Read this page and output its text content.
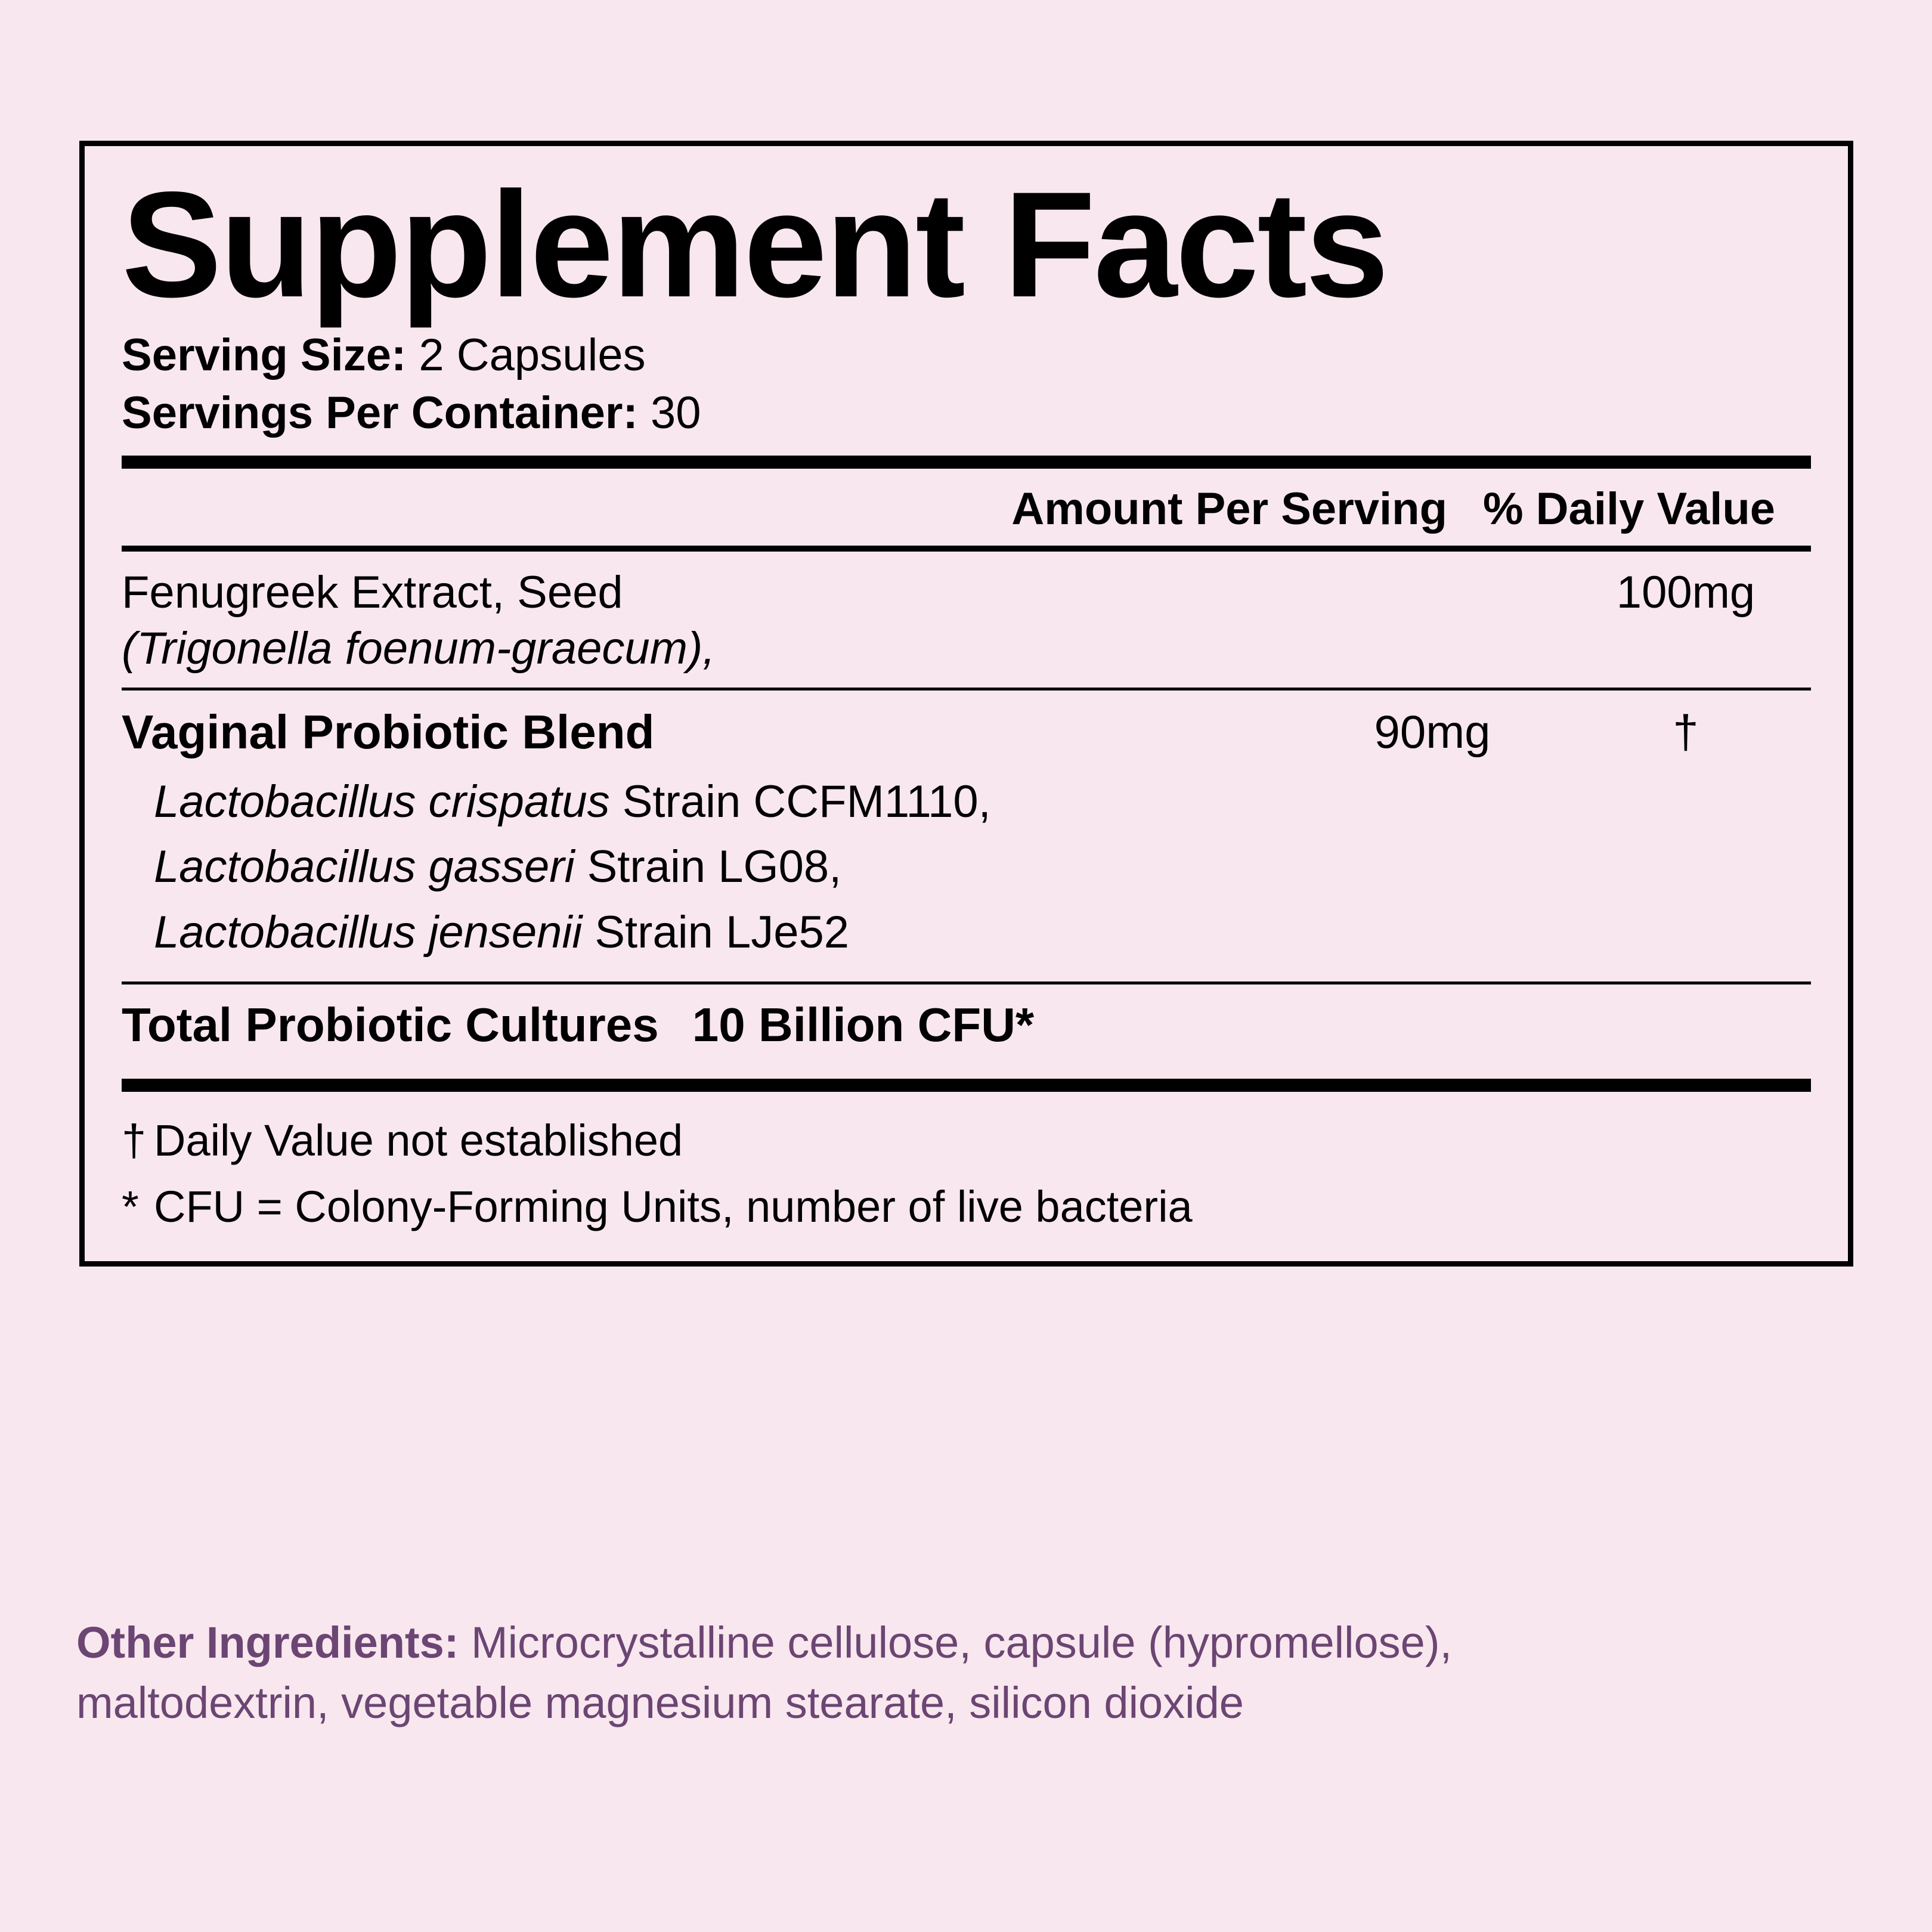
Supplement Facts
Serving Size: 2 Capsules
Servings Per Container: 30
Amount Per Serving % Daily Value
Fenugreek Extract, Seed
(Trigonella foenum-graecum),
100mg
Vaginal Probiotic Blend	90mg	†
Lactobacillus crispatus Strain CCFM1110,
Lactobacillus gasseri Strain LG08,
Lactobacillus jensenii Strain LJe52
Total Probiotic Cultures 10 Billion CFU*
† Daily Value not established
* CFU = Colony-Forming Units, number of live bacteria
Other Ingredients: Microcrystalline cellulose, capsule (hypromellose), maltodextrin, vegetable magnesium stearate, silicon dioxide
